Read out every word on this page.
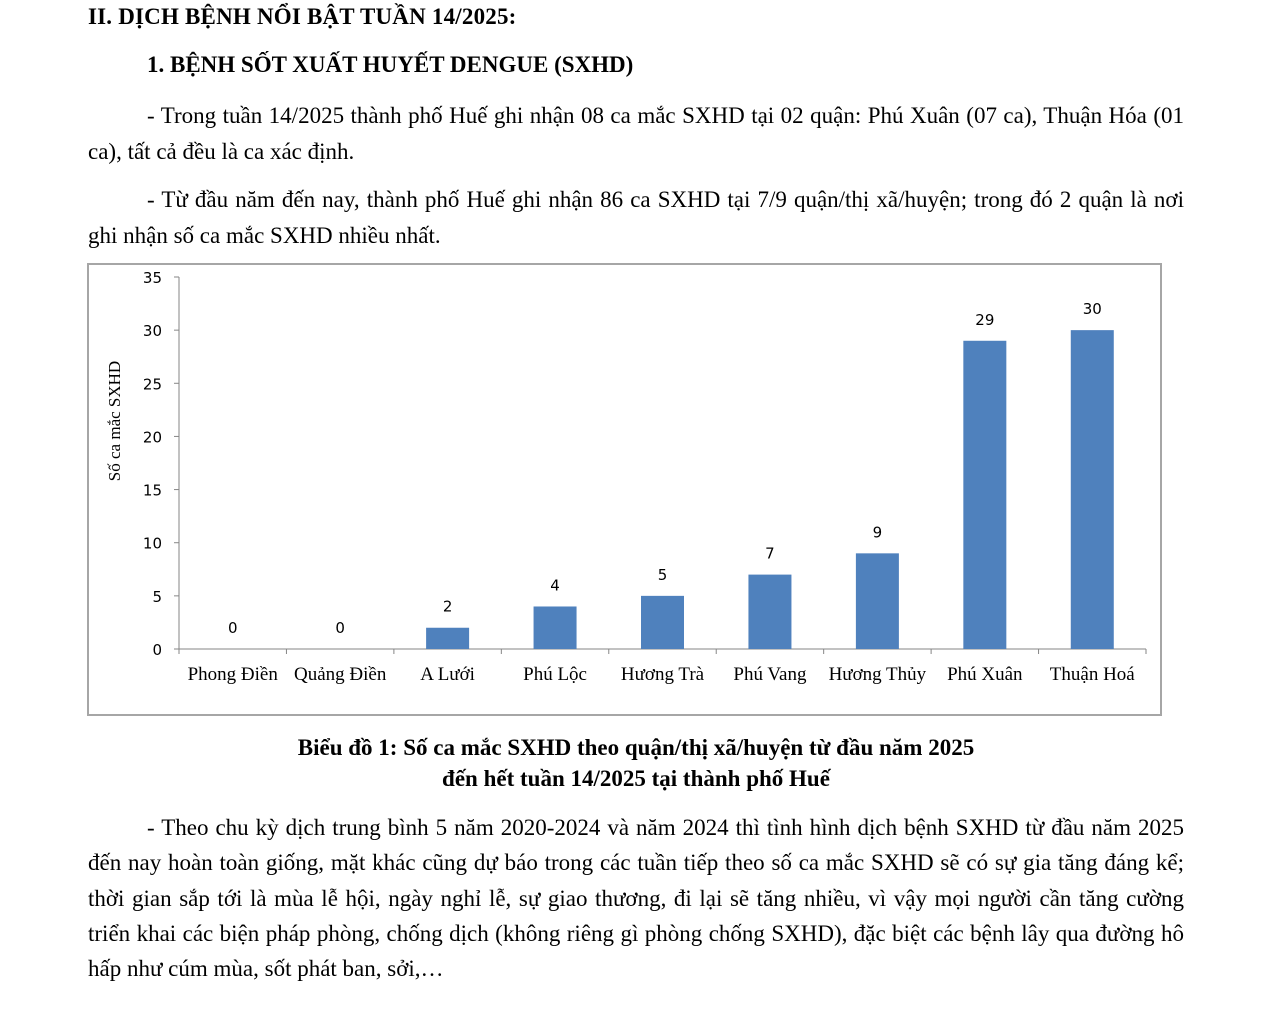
II. DỊCH BỆNH NỔI BẬT TUẦN 14/2025:
1. BỆNH SỐT XUẤT HUYẾT DENGUE (SXHD)

- Trong tuần 14/2025 thành phố Huế ghi nhận 08 ca mắc SXHD tại 02 quận: Phú Xuân (07 ca), Thuận Hóa (01 ca), tất cả đều là ca xác định.

- Từ đầu năm đến nay, thành phố Huế ghi nhận 86 ca SXHD tại 7/9 quận/thị xã/huyện; trong đó 2 quận là nơi ghi nhận số ca mắc SXHD nhiều nhất.

0
5
10
15
20
25
30
35
Số ca mắc SXHD
0
Phong Điền
0
Quảng Điền
2
A Lưới
4
Phú Lộc
5
Hương Trà
7
Phú Vang
9
Hương Thủy
29
Phú Xuân
30
Thuận Hoá
Biểu đồ 1: Số ca mắc SXHD theo quận/thị xã/huyện từ đầu năm 2025
đến hết tuần 14/2025 tại thành phố Huế

- Theo chu kỳ dịch trung bình 5 năm 2020-2024 và năm 2024 thì tình hình dịch bệnh SXHD từ đầu năm 2025 đến nay hoàn toàn giống, mặt khác cũng dự báo trong các tuần tiếp theo số ca mắc SXHD sẽ có sự gia tăng đáng kể; thời gian sắp tới là mùa lễ hội, ngày nghỉ lễ, sự giao thương, đi lại sẽ tăng nhiều, vì vậy mọi người cần tăng cường triển khai các biện pháp phòng, chống dịch (không riêng gì phòng chống SXHD), đặc biệt các bệnh lây qua đường hô hấp như cúm mùa, sốt phát ban, sởi,…
